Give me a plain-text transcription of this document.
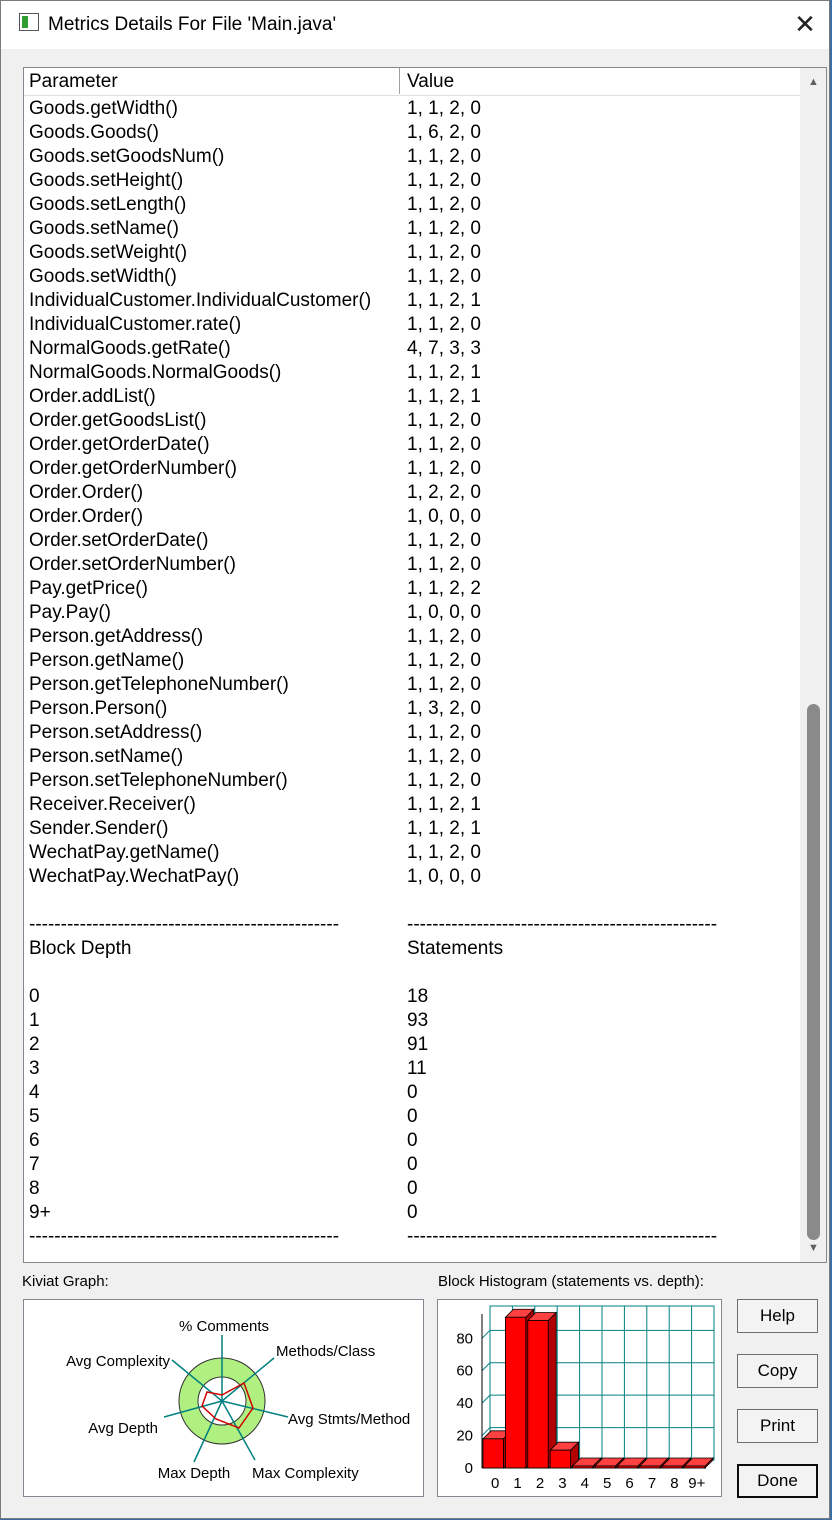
Metrics Details For File 'Main.java'	✕
Parameter	Value
Goods.getWidth()	1, 1, 2, 0
Goods.Goods()	1, 6, 2, 0
Goods.setGoodsNum()	1, 1, 2, 0
Goods.setHeight()	1, 1, 2, 0
Goods.setLength()	1, 1, 2, 0
Goods.setName()	1, 1, 2, 0
Goods.setWeight()	1, 1, 2, 0
Goods.setWidth()	1, 1, 2, 0
IndividualCustomer.IndividualCustomer() 1, 1, 2, 1
IndividualCustomer.rate()	1, 1, 2, 0
NormalGoods.getRate()	4, 7, 3, 3
NormalGoods.NormalGoods()	1, 1, 2, 1
Order.addList()	1, 1, 2, 1
Order.getGoodsList()	1, 1, 2, 0
Order.getOrderDate()	1, 1, 2, 0
Order.getOrderNumber()	1, 1, 2, 0
Order.Order()	1, 2, 2, 0
Order.Order()	1, 0, 0, 0
Order.setOrderDate()	1, 1, 2, 0
Order.setOrderNumber()	1, 1, 2, 0
Pay.getPrice()	1, 1, 2, 2
Pay.Pay()	1, 0, 0, 0
Person.getAddress()	1, 1, 2, 0
Person.getName()	1, 1, 2, 0
Person.getTelephoneNumber()	1, 1, 2, 0
Person.Person()	1, 3, 2, 0
Person.setAddress()	1, 1, 2, 0
Person.setName()	1, 1, 2, 0
Person.setTelephoneNumber()	1, 1, 2, 0
Receiver.Receiver()	1, 1, 2, 1
Sender.Sender()	1, 1, 2, 1
WechatPay.getName()	1, 1, 2, 0
WechatPay.WechatPay()	1, 0, 0, 0
-------------------------------------------------	-------------------------------------------------
Block Depth	Statements
0	18
1	93
2	91
3	11
4	0
5	0
6	0
7	0
8	0
9+	0
-------------------------------------------------	-------------------------------------------------
▲
▼
Kiviat Graph:	Block Histogram (statements vs. depth):
% Comments
Methods/Class
Avg Stmts/Method
Max Complexity
Max Depth
Avg Depth
Avg Complexity
0
20
40
60
80
0 1 2 3 4 5 6 7 8 9+
Help
Copy
Print
Done
